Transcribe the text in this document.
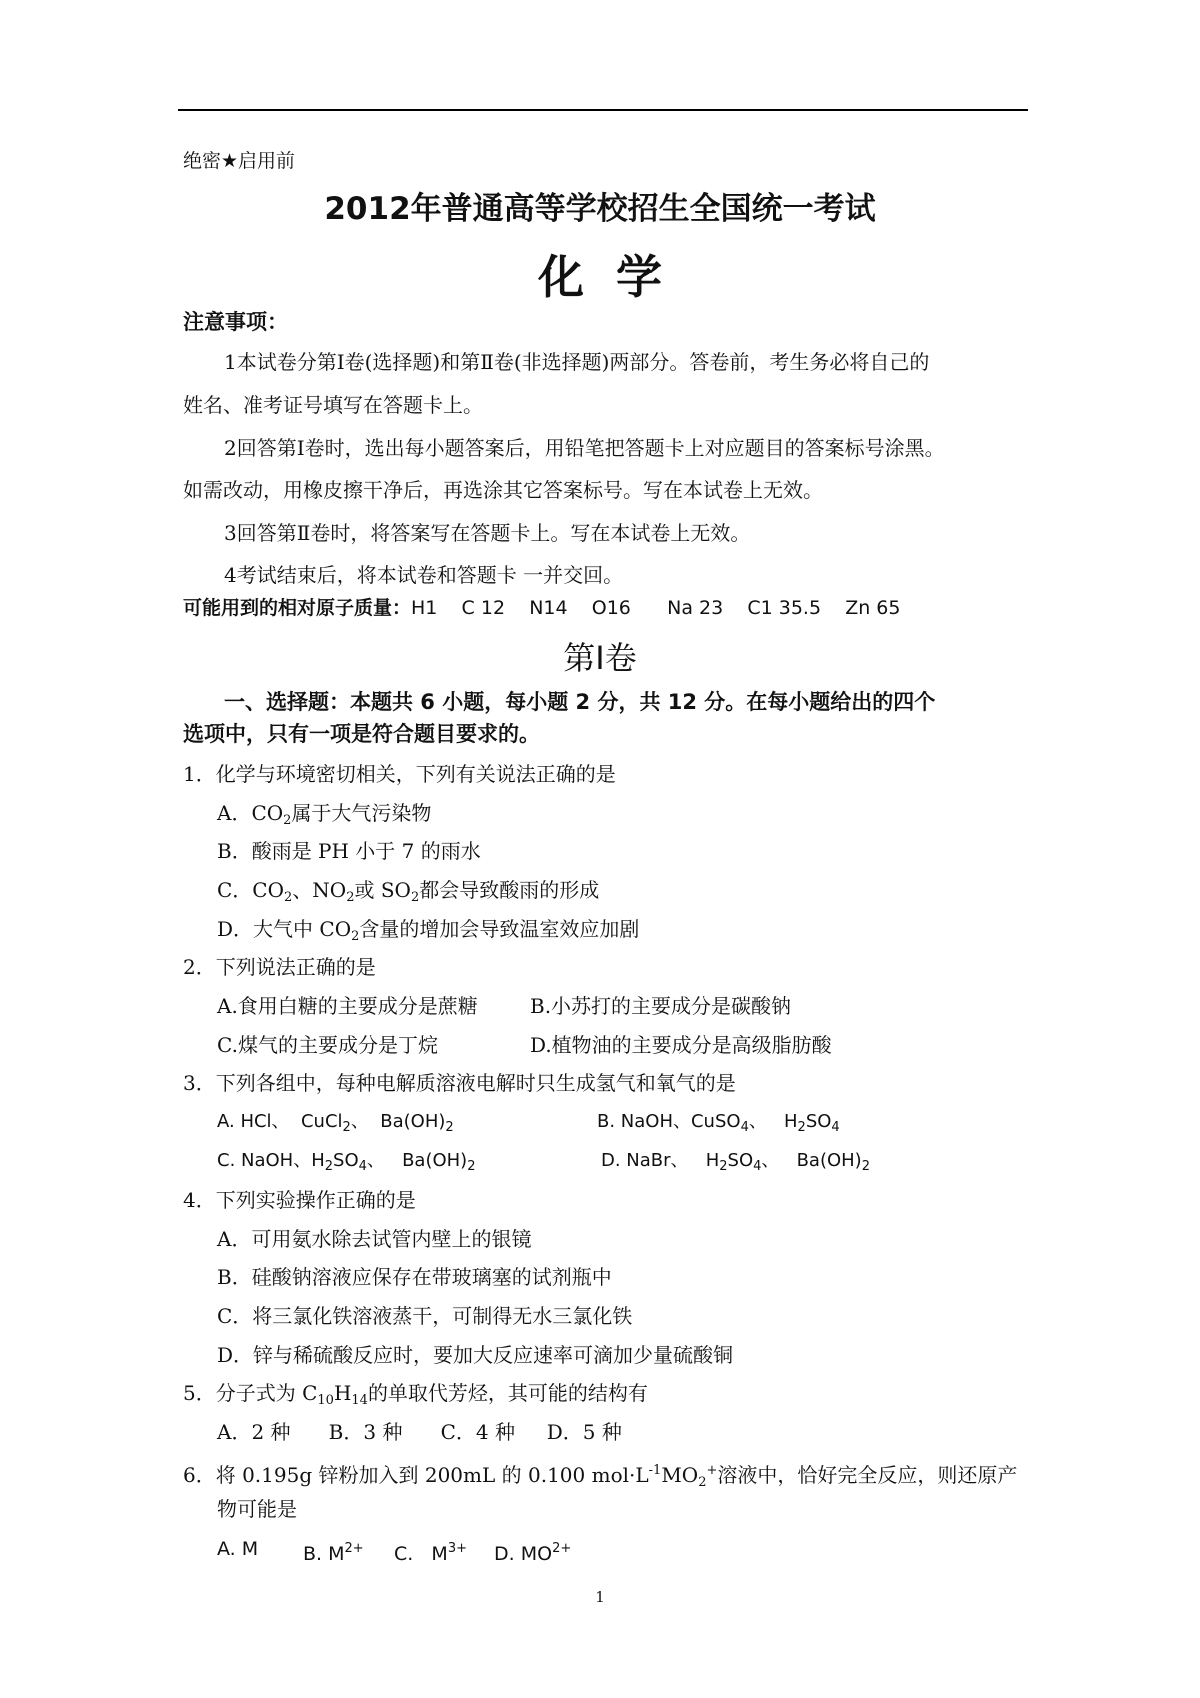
绝密★启用前
2012年普通高等学校招生全国统一考试
化  学
注意事项：
1本试卷分第Ⅰ卷(选择题)和第Ⅱ卷(非选择题)两部分。答卷前，考生务必将自己的
姓名、准考证号填写在答题卡上。
2回答第Ⅰ卷时，选出每小题答案后，用铅笔把答题卡上对应题目的答案标号涂黑。
如需改动，用橡皮擦干净后，再选涂其它答案标号。写在本试卷上无效。
3回答第Ⅱ卷时，将答案写在答题卡上。写在本试卷上无效。
4考试结束后，将本试卷和答题卡 一并交回。
可能用到的相对原子质量：H1    C 12    N14    O16      Na 23    C1 35.5    Zn 65
第Ⅰ卷
一、选择题：本题共 6 小题，每小题 2 分，共 12 分。在每小题给出的四个
选项中，只有一项是符合题目要求的。
1．化学与环境密切相关，下列有关说法正确的是
A．$CO_2$属于大气污染物
B．酸雨是 PH 小于 7 的雨水
C．$CO_2$、$NO_2$或 $SO_2$都会导致酸雨的形成
D．大气中 $CO_2$含量的增加会导致温室效应加剧
2．下列说法正确的是
A.食用白糖的主要成分是蔗糖	B.小苏打的主要成分是碳酸钠
C.煤气的主要成分是丁烷	D.植物油的主要成分是高级脂肪酸
3．下列各组中，每种电解质溶液电解时只生成氢气和氧气的是
A. HCl、  CuCl$_2$、  $Ba(OH)_2$	B. NaOH、CuSO$_4$、   $H_2SO_4$
C. NaOH、$H_2SO_4$、   $Ba(OH)_2$	D. NaBr、   $H_2SO_4$、   $Ba(OH)_2$
4．下列实验操作正确的是
A．可用氨水除去试管内壁上的银镜
B．硅酸钠溶液应保存在带玻璃塞的试剂瓶中
C．将三氯化铁溶液蒸干，可制得无水三氯化铁
D．锌与稀硫酸反应时，要加大反应速率可滴加少量硫酸铜
5．分子式为 $C_{10}H_{14}$的单取代芳烃，其可能的结构有
A．2 种      B．3 种      C．4 种     D．5 种
6．将 0.195g 锌粉加入到 200mL 的 0.100 $mol\cdot L^{-1}MO_2^+$溶液中，恰好完全反应，则还原产
物可能是
A. M B. $M^{2+}$ C.   $M^{3+}$ D. $MO^{2+}$
1
